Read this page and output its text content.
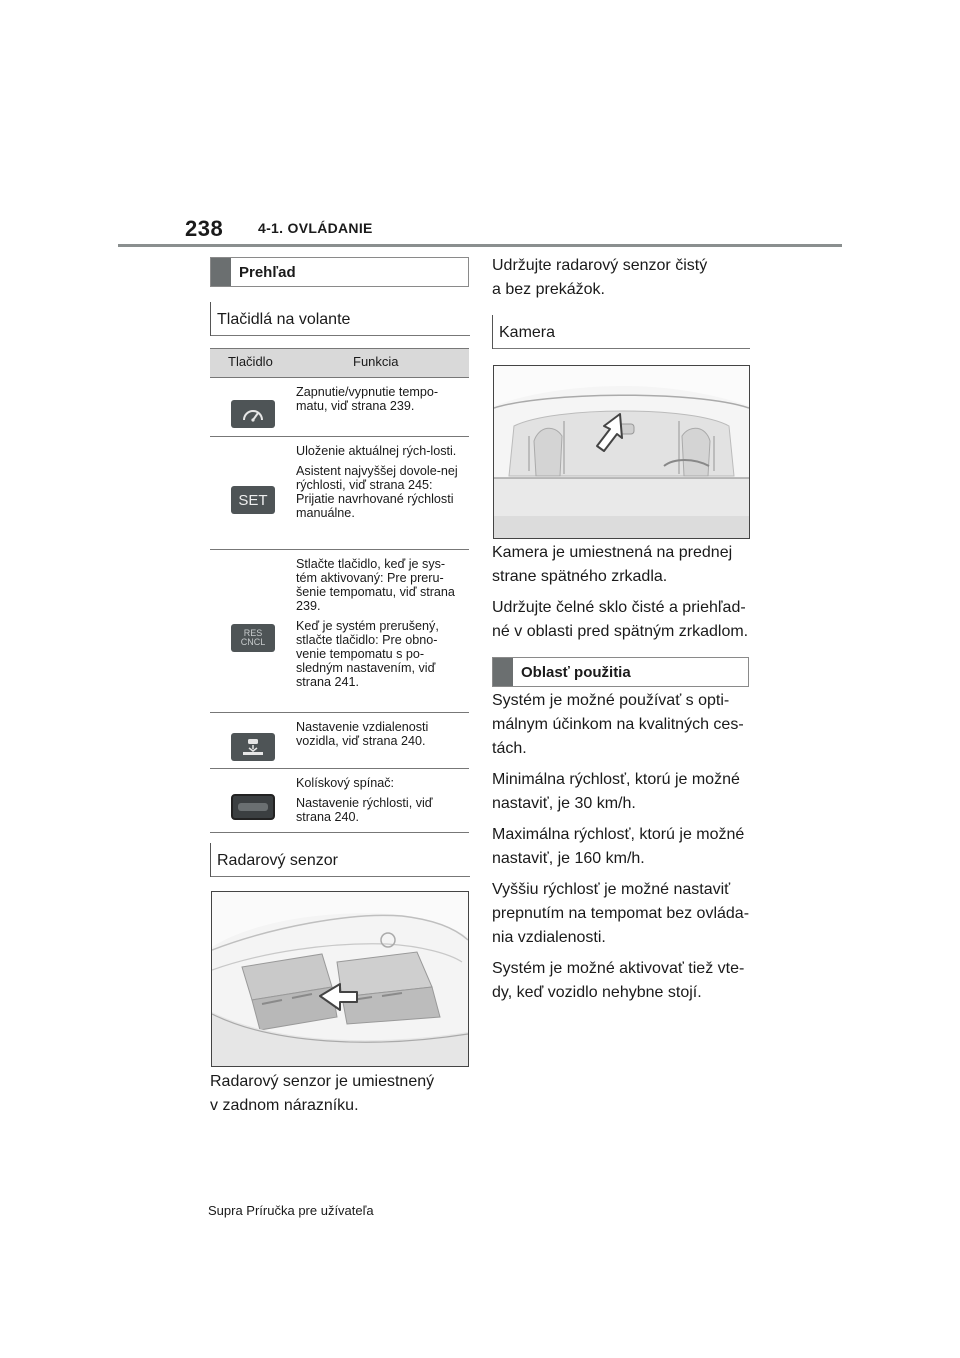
238 4-1. OVLÁDANIE
Prehľad
Tlačidlá na volante
Tlačidlo	Funkcia

Zapnutie/vypnutie tempo-matu, viď strana 239.

SET

Uloženie aktuálnej rých-losti.

Asistent najvyššej dovole-nej rýchlosti, viď strana 245: Prijatie navrhované rýchlosti manuálne.

RES
CNCL

Stlačte tlačidlo, keď je sys-tém aktivovaný: Pre preru-šenie tempomatu, viď strana 239.

Keď je systém prerušený, stlačte tlačidlo: Pre obno-venie tempomatu s po-sledným nastavením, viď strana 241.

Nastavenie vzdialenosti vozidla, viď strana 240.

Kolískový spínač:

Nastavenie rýchlosti, viď strana 240.

Radarový senzor
Radarový senzor je umiestnený
v zadnom nárazníku.
Udržujte radarový senzor čistý
a bez prekážok.
Kamera

Kamera je umiestnená na prednej
strane spätného zrkadla.

Udržujte čelné sklo čisté a priehľad-
né v oblasti pred spätným zrkadlom.

Oblasť použitia

Systém je možné používať s opti-
málnym účinkom na kvalitných ces-
tách.

Minimálna rýchlosť, ktorú je možné
nastaviť, je 30 km/h.

Maximálna rýchlosť, ktorú je možné
nastaviť, je 160 km/h.

Vyššiu rýchlosť je možné nastaviť
prepnutím na tempomat bez ovláda-
nia vzdialenosti.

Systém je možné aktivovať tiež vte-
dy, keď vozidlo nehybne stojí.

Supra Príručka pre užívateľa
